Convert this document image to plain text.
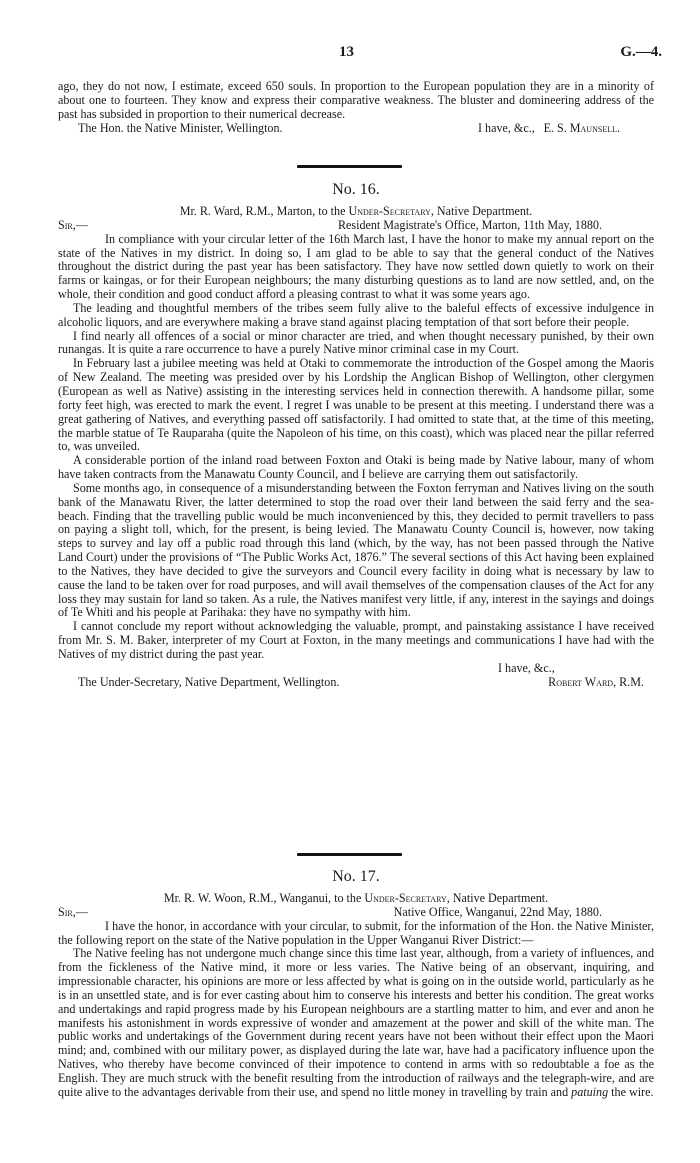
13	G.—4.

ago, they do not now, I estimate, exceed 650 souls. In proportion to the European population they are in a minority of about one to fourteen. They know and express their comparative weakness. The bluster and domineering address of the past has subsided in proportion to their numerical decrease.

I have, &c.,
The Hon. the Native Minister, Wellington.	E. S. Maunsell.
No. 16.
Mr. R. Ward, R.M., Marton, to the Under-Secretary, Native Department.
Sir,—	Resident Magistrate's Office, Marton, 11th May, 1880.

In compliance with your circular letter of the 16th March last, I have the honor to make my annual report on the state of the Natives in my district. In doing so, I am glad to be able to say that the general conduct of the Natives throughout the district during the past year has been satisfactory. They have now settled down quietly to work on their farms or kaingas, or for their European neighbours; the many disturbing questions as to land are now settled, and, on the whole, their condition and good conduct afford a pleasing contrast to what it was some years ago.

The leading and thoughtful members of the tribes seem fully alive to the baleful effects of excessive indulgence in alcoholic liquors, and are everywhere making a brave stand against placing temptation of that sort before their people.

I find nearly all offences of a social or minor character are tried, and when thought necessary punished, by their own runangas. It is quite a rare occurrence to have a purely Native minor criminal case in my Court.

In February last a jubilee meeting was held at Otaki to commemorate the introduction of the Gospel among the Maoris of New Zealand. The meeting was presided over by his Lordship the Anglican Bishop of Wellington, other clergymen (European as well as Native) assisting in the interesting services held in connection therewith. A handsome pillar, some forty feet high, was erected to mark the event. I regret I was unable to be present at this meeting. I understand there was a great gathering of Natives, and everything passed off satisfactorily. I had omitted to state that, at the time of this meeting, the marble statue of Te Rauparaha (quite the Napoleon of his time, on this coast), which was placed near the pillar referred to, was unveiled.

A considerable portion of the inland road between Foxton and Otaki is being made by Native labour, many of whom have taken contracts from the Manawatu County Council, and I believe are carrying them out satisfactorily.

Some months ago, in consequence of a misunderstanding between the Foxton ferryman and Natives living on the south bank of the Manawatu River, the latter determined to stop the road over their land between the said ferry and the sea-beach. Finding that the travelling public would be much inconvenienced by this, they decided to permit travellers to pass on paying a slight toll, which, for the present, is being levied. The Manawatu County Council is, however, now taking steps to survey and lay off a public road through this land (which, by the way, has not been passed through the Native Land Court) under the provisions of “The Public Works Act, 1876.” The several sections of this Act having been explained to the Natives, they have decided to give the surveyors and Council every facility in doing what is necessary by law to cause the land to be taken over for road purposes, and will avail themselves of the compensation clauses of the Act for any loss they may sustain for land so taken. As a rule, the Natives manifest very little, if any, interest in the sayings and doings of Te Whiti and his people at Parihaka: they have no sympathy with him.

I cannot conclude my report without acknowledging the valuable, prompt, and painstaking assistance I have received from Mr. S. M. Baker, interpreter of my Court at Foxton, in the many meetings and communications I have had with the Natives of my district during the past year.

I have, &c.,
The Under-Secretary, Native Department, Wellington.	Robert Ward, R.M.
No. 17.
Mr. R. W. Woon, R.M., Wanganui, to the Under-Secretary, Native Department.
Sir,—	Native Office, Wanganui, 22nd May, 1880.

I have the honor, in accordance with your circular, to submit, for the information of the Hon. the Native Minister, the following report on the state of the Native population in the Upper Wanganui River District:—

The Native feeling has not undergone much change since this time last year, although, from a variety of influences, and from the fickleness of the Native mind, it more or less varies. The Native being of an observant, inquiring, and impressionable character, his opinions are more or less affected by what is going on in the outside world, particularly as he is in an unsettled state, and is for ever casting about him to conserve his interests and better his condition. The great works and undertakings and rapid progress made by his European neighbours are a startling matter to him, and ever and anon he manifests his astonishment in words expressive of wonder and amazement at the power and skill of the white man. The public works and undertakings of the Government during recent years have not been without their effect upon the Maori mind; and, combined with our military power, as displayed during the late war, have had a pacificatory influence upon the Natives, who thereby have become convinced of their impotence to contend in arms with so redoubtable a foe as the English. They are much struck with the benefit resulting from the introduction of railways and the telegraph-wire, and are quite alive to the advantages derivable from their use, and spend no little money in travelling by train and patuing the wire.
